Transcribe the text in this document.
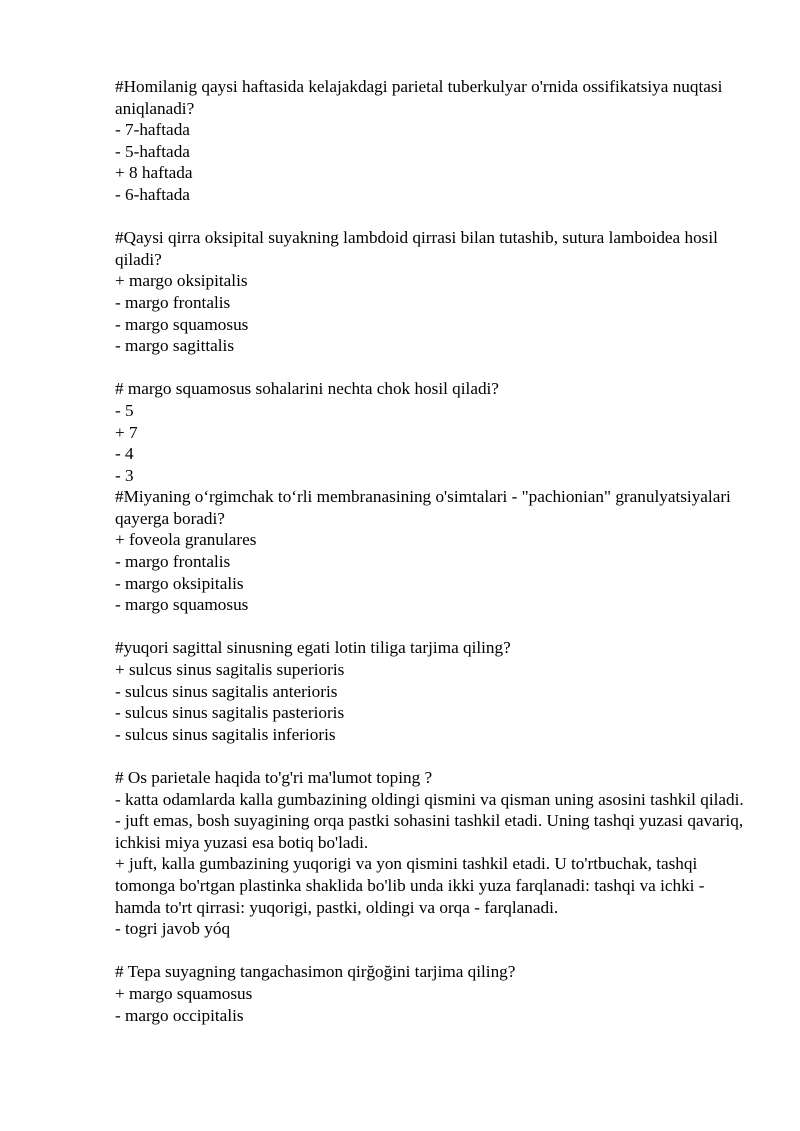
#Homilanig qaysi haftasida kelajakdagi parietal tuberkulyar o'rnida ossifikatsiya nuqtasi aniqlanadi?

- 7-haftada

- 5-haftada

+ 8 haftada

- 6-haftada

#Qaysi qirra oksipital suyakning lambdoid qirrasi bilan tutashib, sutura lamboidea hosil qiladi?

+ margo oksipitalis

- margo frontalis

- margo squamosus

- margo sagittalis

# margo squamosus sohalarini nechta chok hosil qiladi?

- 5

+ 7

- 4

- 3

#Miyaning oʻrgimchak toʻrli membranasining o'simtalari - "pachionian" granulyatsiyalari qayerga boradi?

+ foveola granulares

- margo frontalis

- margo oksipitalis

- margo squamosus

#yuqori sagittal sinusning egati lotin tiliga tarjima qiling?

+ sulcus sinus sagitalis superioris

- sulcus sinus sagitalis anterioris

- sulcus sinus sagitalis pasterioris

- sulcus sinus sagitalis inferioris

# Os parietale haqida to'g'ri ma'lumot toping ?

- katta odamlarda kalla gumbazining oldingi qismini va qisman uning asosini tashkil qiladi.

- juft emas, bosh suyagining orqa pastki sohasini tashkil etadi. Uning tashqi yuzasi qavariq, ichkisi miya yuzasi esa botiq bo'ladi.

+ juft, kalla gumbazining yuqorigi va yon qismini tashkil etadi. U to'rtbuchak, tashqi tomonga bo'rtgan plastinka shaklida bo'lib unda ikki yuza farqlanadi: tashqi va ichki - hamda to'rt qirrasi: yuqorigi, pastki, oldingi va orqa - farqlanadi.

- togri javob yóq

# Tepa suyagning tangachasimon qirğoğini tarjima qiling?

+ margo squamosus

- margo occipitalis
